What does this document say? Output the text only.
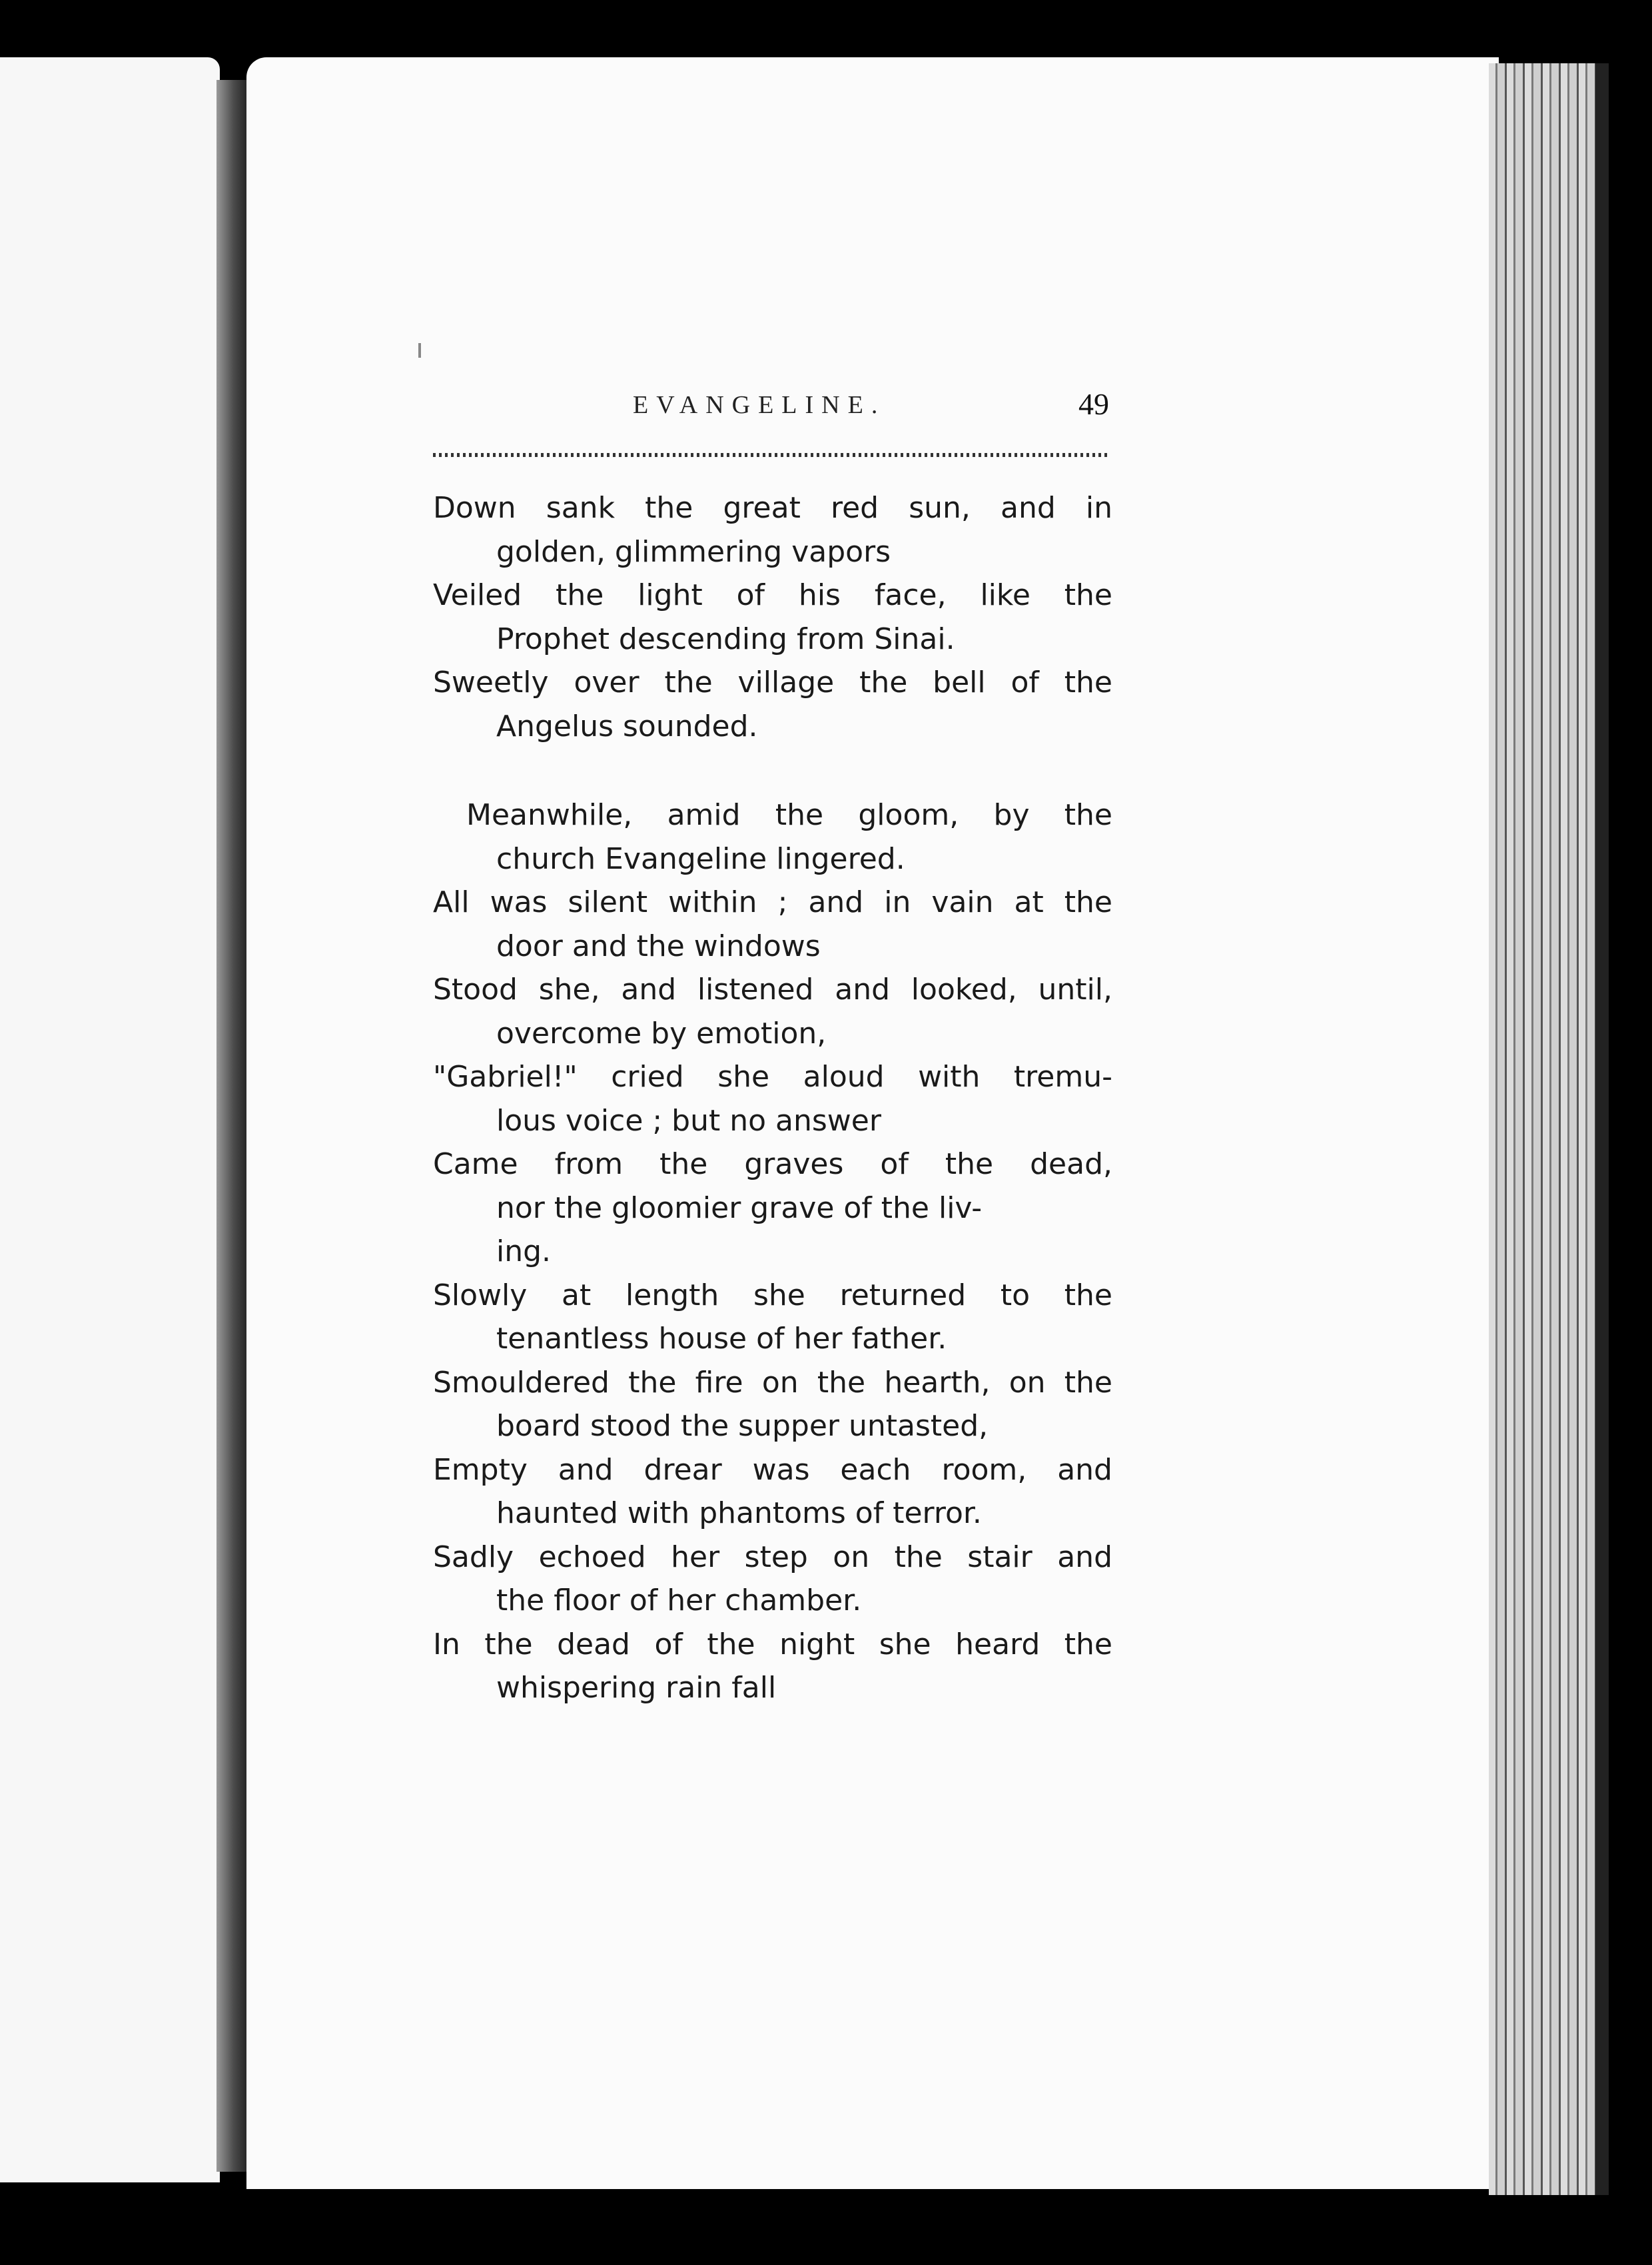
EVANGELINE.	49
Down sank the great red sun, and in
golden, glimmering vapors
Veiled the light of his face, like the
Prophet descending from Sinai.
Sweetly over the village the bell of the
Angelus sounded.
Meanwhile, amid the gloom, by the
church Evangeline lingered.
All was silent within ; and in vain at the
door and the windows
Stood she, and listened and looked, until,
overcome by emotion,
"Gabriel!" cried she aloud with tremu-
lous voice ; but no answer
Came from the graves of the dead,
nor the gloomier grave of the liv-
ing.
Slowly at length she returned to the
tenantless house of her father.
Smouldered the fire on the hearth, on the
board stood the supper untasted,
Empty and drear was each room, and
haunted with phantoms of terror.
Sadly echoed her step on the stair and
the floor of her chamber.
In the dead of the night she heard the
whispering rain fall
